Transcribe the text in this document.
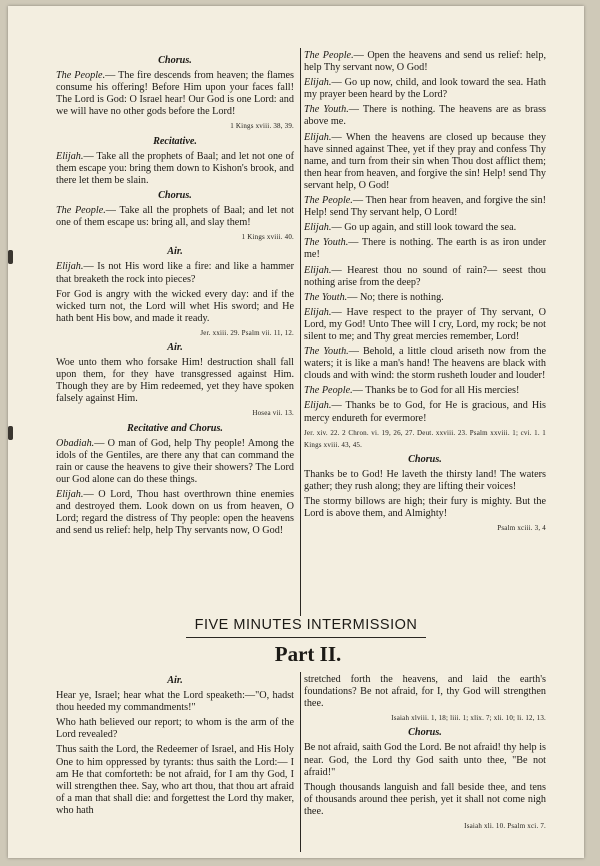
Chorus.

The People.— The fire descends from heaven; the flames consume his offering! Before Him upon your faces fall! The Lord is God: O Israel hear! Our God is one Lord: and we will have no other gods before the Lord!

1 Kings xviii. 38, 39.
Recitative.

Elijah.— Take all the prophets of Baal; and let not one of them escape you: bring them down to Kishon's brook, and there let them be slain.

Chorus.

The People.— Take all the prophets of Baal; and let not one of them escape us: bring all, and slay them!

1 Kings xviii. 40.
Air.

Elijah.— Is not His word like a fire: and like a hammer that breaketh the rock into pieces?

For God is angry with the wicked every day: and if the wicked turn not, the Lord will whet His sword; and He hath bent His bow, and made it ready.

Jer. xxiii. 29. Psalm vii. 11, 12.
Air.

Woe unto them who forsake Him! destruction shall fall upon them, for they have transgressed against Him. Though they are by Him redeemed, yet they have spoken falsely against Him.

Hosea vii. 13.
Recitative and Chorus.

Obadiah.— O man of God, help Thy people! Among the idols of the Gentiles, are there any that can command the rain or cause the heavens to give their showers? The Lord our God alone can do these things.

Elijah.— O Lord, Thou hast overthrown thine enemies and destroyed them. Look down on us from heaven, O Lord; regard the distress of Thy people: open the heavens and send us relief: help, help Thy servants now, O God!

The People.— Open the heavens and send us relief: help, help Thy servant now, O God!

Elijah.— Go up now, child, and look toward the sea. Hath my prayer been heard by the Lord?

The Youth.— There is nothing. The heavens are as brass above me.

Elijah.— When the heavens are closed up because they have sinned against Thee, yet if they pray and confess Thy name, and turn from their sin when Thou dost afflict them; then hear from heaven, and forgive the sin! Help! send Thy servant help, O God!

The People.— Then hear from heaven, and forgive the sin! Help! send Thy servant help, O Lord!

Elijah.— Go up again, and still look toward the sea.

The Youth.— There is nothing. The earth is as iron under me!

Elijah.— Hearest thou no sound of rain?— seest thou nothing arise from the deep?

The Youth.— No; there is nothing.

Elijah.— Have respect to the prayer of Thy servant, O Lord, my God! Unto Thee will I cry, Lord, my rock; be not silent to me; and Thy great mercies remember, Lord!

The Youth.— Behold, a little cloud ariseth now from the waters; it is like a man's hand! The heavens are black with clouds and with wind: the storm rusheth louder and louder!

The People.— Thanks be to God for all His mercies!

Elijah.— Thanks be to God, for He is gracious, and His mercy endureth for evermore!

Jer. xiv. 22. 2 Chron. vi. 19, 26, 27. Deut. xxviii. 23. Psalm xxviii. 1; cvi. 1. 1 Kings xviii. 43, 45.
Chorus.

Thanks be to God! He laveth the thirsty land! The waters gather; they rush along; they are lifting their voices!

The stormy billows are high; their fury is mighty. But the Lord is above them, and Almighty!

Psalm xciii. 3, 4
FIVE MINUTES INTERMISSION
Part II.
Air.

Hear ye, Israel; hear what the Lord speaketh:—"O, hadst thou heeded my commandments!"

Who hath believed our report; to whom is the arm of the Lord revealed?

Thus saith the Lord, the Redeemer of Israel, and His Holy One to him oppressed by tyrants: thus saith the Lord:— I am He that comforteth: be not afraid, for I am thy God, I will strengthen thee. Say, who art thou, that thou art afraid of a man that shall die: and forgettest the Lord thy maker, who hath

stretched forth the heavens, and laid the earth's foundations? Be not afraid, for I, thy God will strengthen thee.

Isaiah xlviii. 1, 18; liii. 1; xlix. 7; xli. 10; li. 12, 13.
Chorus.

Be not afraid, saith God the Lord. Be not afraid! thy help is near. God, the Lord thy God saith unto thee, "Be not afraid!"

Though thousands languish and fall beside thee, and tens of thousands around thee perish, yet it shall not come nigh thee.

Isaiah xli. 10. Psalm xci. 7.
